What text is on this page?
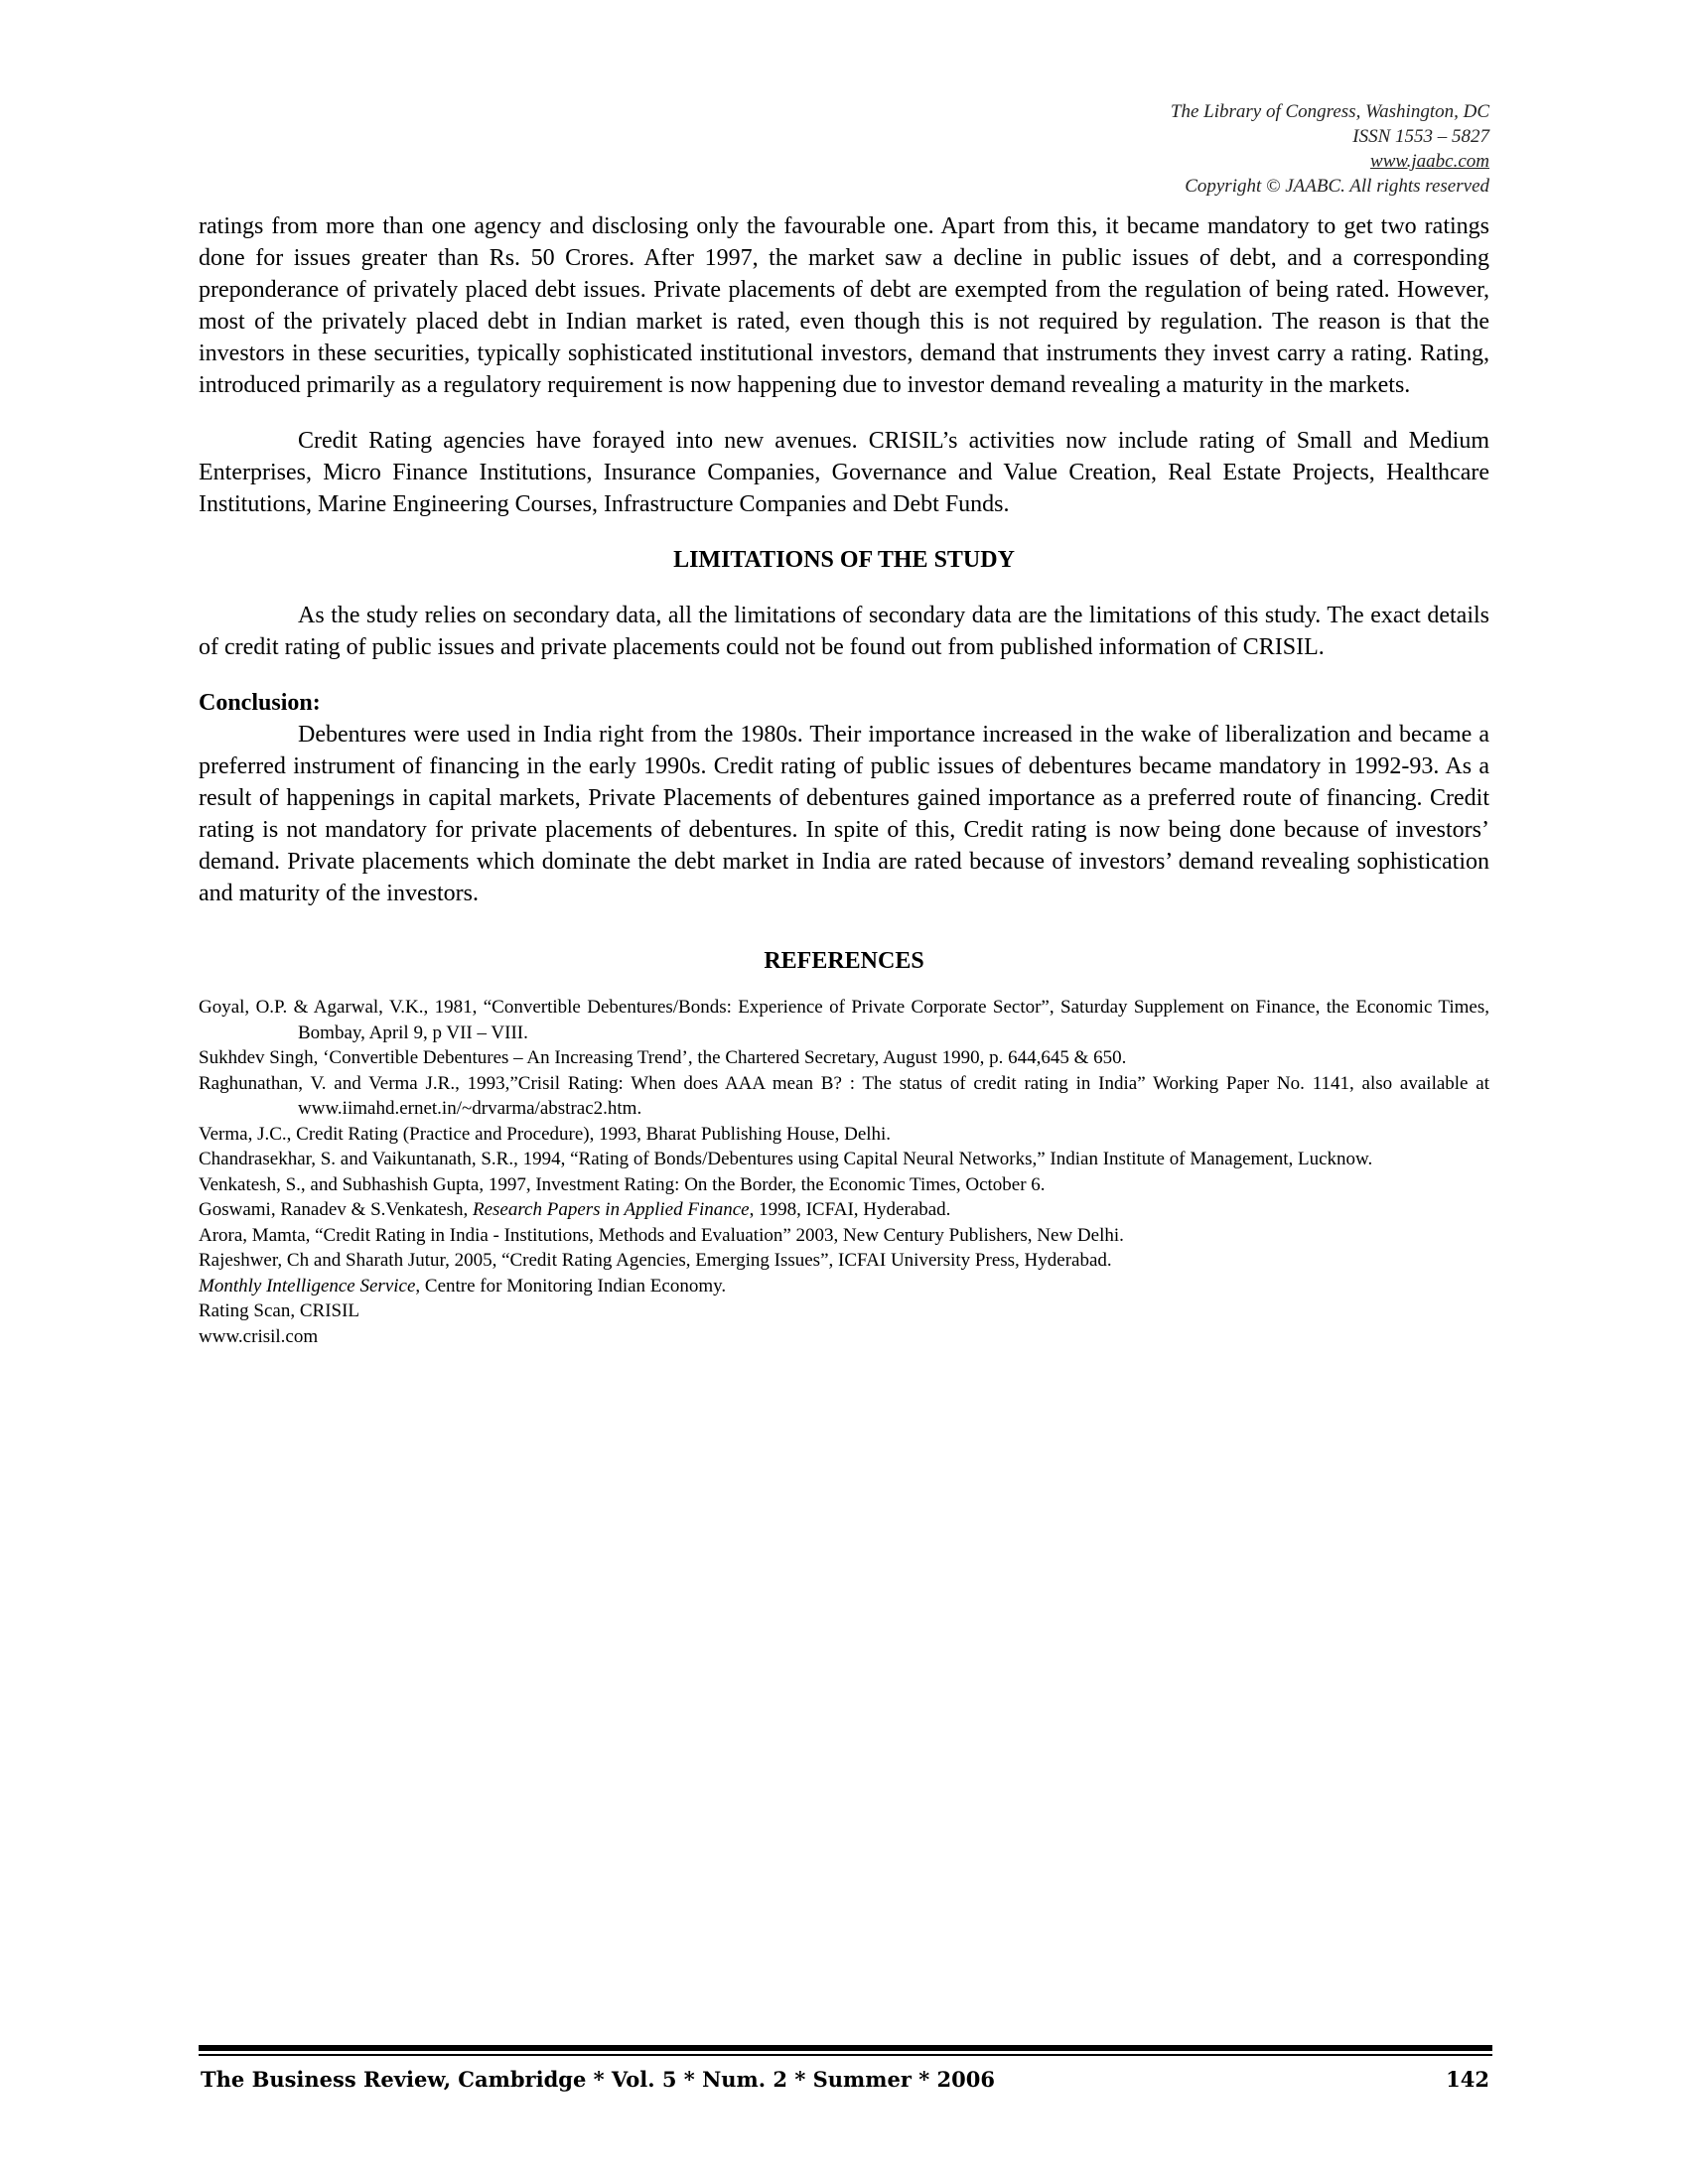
The Library of Congress, Washington, DC
ISSN 1553 – 5827
www.jaabc.com
Copyright © JAABC. All rights reserved

ratings from more than one agency and disclosing only the favourable one. Apart from this, it became mandatory to get two ratings done for issues greater than Rs. 50 Crores. After 1997, the market saw a decline in public issues of debt, and a corresponding preponderance of privately placed debt issues. Private placements of debt are exempted from the regulation of being rated. However, most of the privately placed debt in Indian market is rated, even though this is not required by regulation. The reason is that the investors in these securities, typically sophisticated institutional investors, demand that instruments they invest carry a rating. Rating, introduced primarily as a regulatory requirement is now happening due to investor demand revealing a maturity in the markets.

Credit Rating agencies have forayed into new avenues. CRISIL’s activities now include rating of Small and Medium Enterprises, Micro Finance Institutions, Insurance Companies, Governance and Value Creation, Real Estate Projects, Healthcare Institutions, Marine Engineering Courses, Infrastructure Companies and Debt Funds.

LIMITATIONS OF THE STUDY

As the study relies on secondary data, all the limitations of secondary data are the limitations of this study. The exact details of credit rating of public issues and private placements could not be found out from published information of CRISIL.

Conclusion:

Debentures were used in India right from the 1980s. Their importance increased in the wake of liberalization and became a preferred instrument of financing in the early 1990s. Credit rating of public issues of debentures became mandatory in 1992-93. As a result of happenings in capital markets, Private Placements of debentures gained importance as a preferred route of financing. Credit rating is not mandatory for private placements of debentures. In spite of this, Credit rating is now being done because of investors’ demand. Private placements which dominate the debt market in India are rated because of investors’ demand revealing sophistication and maturity of the investors.

REFERENCES
Goyal, O.P. & Agarwal, V.K., 1981, “Convertible Debentures/Bonds: Experience of Private Corporate Sector”, Saturday Supplement on Finance, the Economic Times, Bombay, April 9, p VII – VIII.
Sukhdev Singh, ‘Convertible Debentures – An Increasing Trend’, the Chartered Secretary, August 1990, p. 644,645 & 650.
Raghunathan, V. and Verma J.R., 1993,”Crisil Rating: When does AAA mean B? : The status of credit rating in India” Working Paper No. 1141, also available at www.iimahd.ernet.in/~drvarma/abstrac2.htm.
Verma, J.C., Credit Rating (Practice and Procedure), 1993, Bharat Publishing House, Delhi.
Chandrasekhar, S. and Vaikuntanath, S.R., 1994, “Rating of Bonds/Debentures using Capital Neural Networks,” Indian Institute of Management, Lucknow.
Venkatesh, S., and Subhashish Gupta, 1997, Investment Rating: On the Border, the Economic Times, October 6.
Goswami, Ranadev & S.Venkatesh, Research Papers in Applied Finance, 1998, ICFAI, Hyderabad.
Arora, Mamta, “Credit Rating in India - Institutions, Methods and Evaluation” 2003, New Century Publishers, New Delhi.
Rajeshwer, Ch and Sharath Jutur, 2005, “Credit Rating Agencies, Emerging Issues”, ICFAI University Press, Hyderabad.
Monthly Intelligence Service, Centre for Monitoring Indian Economy.
Rating Scan, CRISIL
www.crisil.com
The Business Review, Cambridge * Vol. 5 * Num. 2 * Summer * 2006	142
